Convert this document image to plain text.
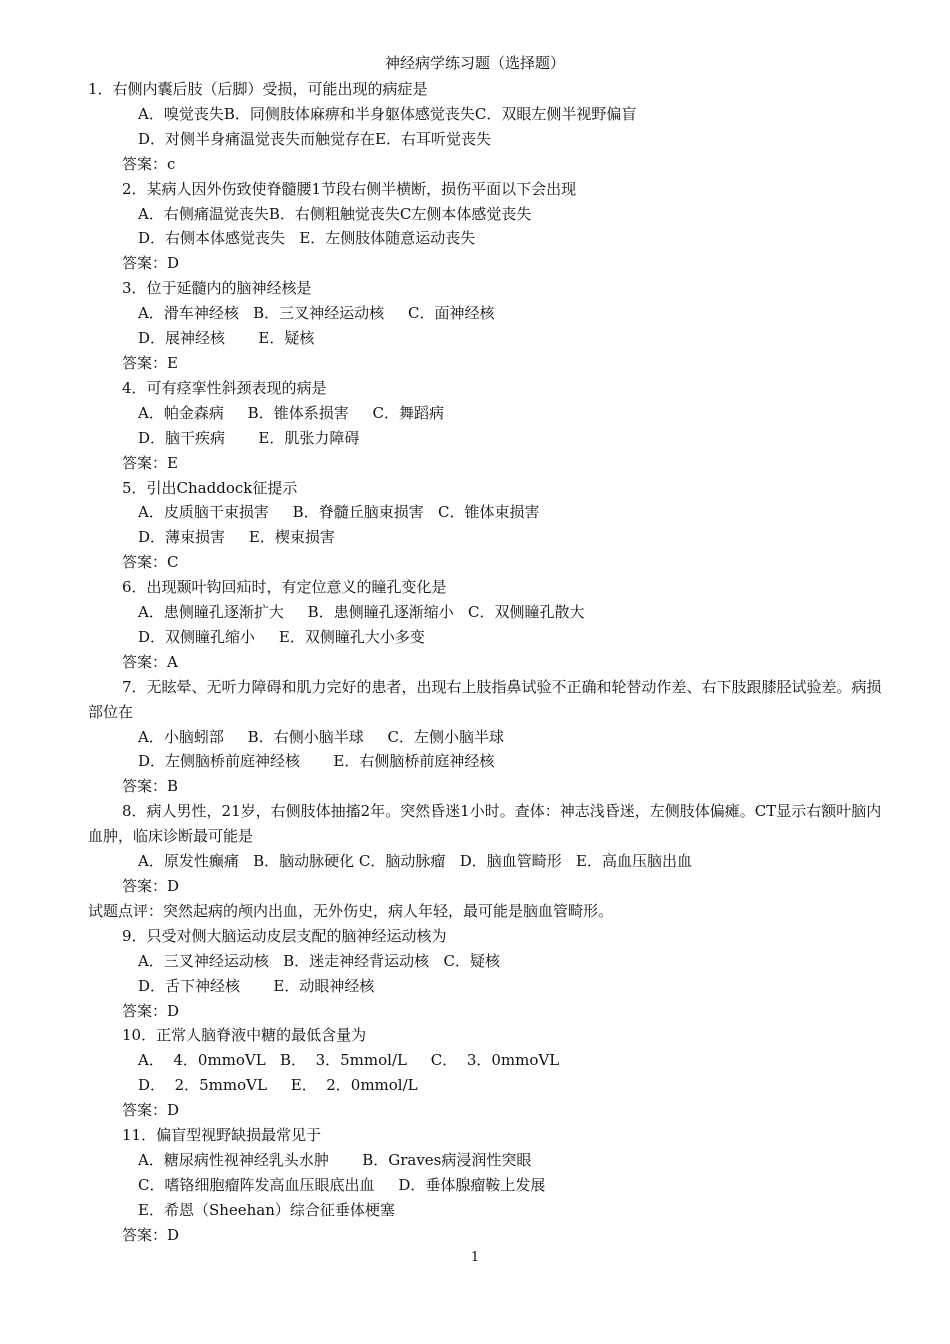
神经病学练习题（选择题）
1．右侧内囊后肢（后脚）受损，可能出现的病症是
A．嗅觉丧失B．同侧肢体麻痹和半身躯体感觉丧失C．双眼左侧半视野偏盲
D．对侧半身痛温觉丧失而触觉存在E．右耳听觉丧失
答案：c
2．某病人因外伤致使脊髓腰1节段右侧半横断，损伤平面以下会出现
A．右侧痛温觉丧失B．右侧粗触觉丧失C左侧本体感觉丧失
D．右侧本体感觉丧失   E．左侧肢体随意运动丧失
答案：D
3．位于延髓内的脑神经核是
A．滑车神经核   B．三叉神经运动核     C．面神经核
D．展神经核       E．疑核
答案：E
4．可有痉挛性斜颈表现的病是
A．帕金森病     B．锥体系损害     C．舞蹈病
D．脑干疾病       E．肌张力障碍
答案：E
5．引出Chaddock征提示
A．皮质脑干束损害     B．脊髓丘脑束损害   C．锥体束损害
D．薄束损害     E．楔束损害
答案：C
6．出现颞叶钩回疝时，有定位意义的瞳孔变化是
A．患侧瞳孔逐渐扩大     B．患侧瞳孔逐渐缩小   C．双侧瞳孔散大
D．双侧瞳孔缩小     E．双侧瞳孔大小多变
答案：A
7．无眩晕、无听力障碍和肌力完好的患者，出现右上肢指鼻试验不正确和轮替动作差、右下肢跟膝胫试验差。病损部位在
A．小脑蚓部     B．右侧小脑半球     C．左侧小脑半球
D．左侧脑桥前庭神经核       E．右侧脑桥前庭神经核
答案：B
8．病人男性，21岁，右侧肢体抽搐2年。突然昏迷1小时。查体：神志浅昏迷，左侧肢体偏瘫。CT显示右额叶脑内血肿，临床诊断最可能是
A．原发性癫痛   B．脑动脉硬化 C．脑动脉瘤   D．脑血管畸形   E．高血压脑出血
答案：D
试题点评：突然起病的颅内出血，无外伤史，病人年轻，最可能是脑血管畸形。
9．只受对侧大脑运动皮层支配的脑神经运动核为
A．三叉神经运动核   B．迷走神经背运动核   C．疑核
D．舌下神经核       E．动眼神经核
答案：D
10．正常人脑脊液中糖的最低含量为
A．  4．0mmoVL   B．  3．5mmol/L     C．  3．0mmoVL
D．  2．5mmoVL     E．  2．0mmol/L
答案：D
11．偏盲型视野缺损最常见于
A．糖尿病性视神经乳头水肿       B．Graves病浸润性突眼
C．嗜铬细胞瘤阵发高血压眼底出血     D．垂体腺瘤鞍上发展
E．希恩（Sheehan）综合征垂体梗塞
答案：D
1
